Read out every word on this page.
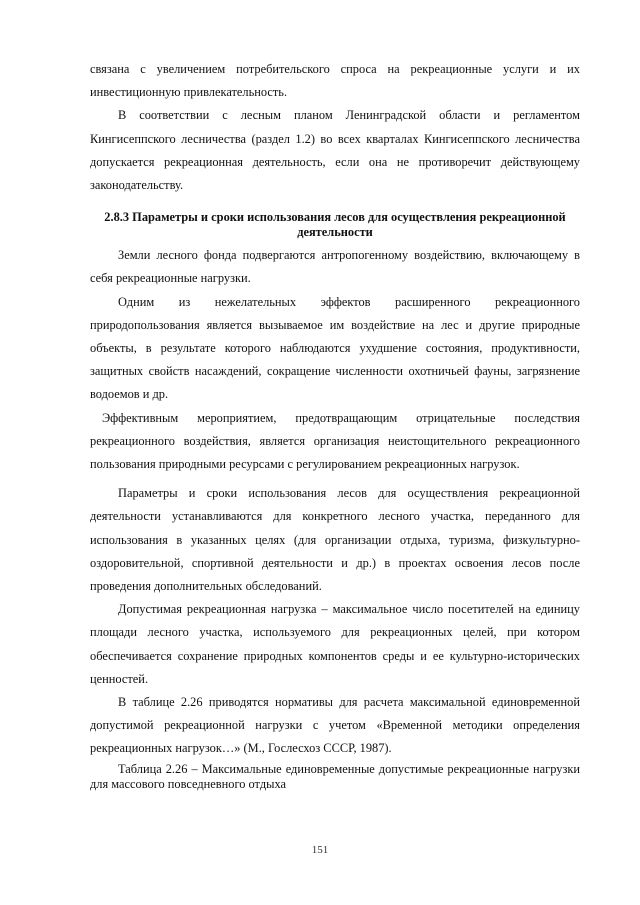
связана с увеличением потребительского спроса на рекреационные услуги и их инвестиционную привлекательность.

В соответствии с лесным планом Ленинградской области и регламентом Кингисеппского лесничества (раздел 1.2) во всех кварталах Кингисеппского лесничества допускается рекреационная деятельность, если она не противоречит действующему законодательству.

2.8.3 Параметры и сроки использования лесов для осуществления рекреационной деятельности

Земли лесного фонда подвергаются антропогенному воздействию, включающему в себя рекреационные нагрузки.

Одним из нежелательных эффектов расширенного рекреационного природопользования является вызываемое им воздействие на лес и другие природные объекты, в результате которого наблюдаются ухудшение состояния, продуктивности, защитных свойств насаждений, сокращение численности охотничьей фауны, загрязнение водоемов и др.

Эффективным мероприятием, предотвращающим отрицательные последствия рекреационного воздействия, является организация неистощительного рекреационного пользования природными ресурсами с регулированием рекреационных нагрузок.

Параметры и сроки использования лесов для осуществления рекреационной деятельности устанавливаются для конкретного лесного участка, переданного для использования в указанных целях (для организации отдыха, туризма, физкультурно-оздоровительной, спортивной деятельности и др.) в проектах освоения лесов после проведения дополнительных обследований.

Допустимая рекреационная нагрузка – максимальное число посетителей на единицу площади лесного участка, используемого для рекреационных целей, при котором обеспечивается сохранение природных компонентов среды и ее культурно-исторических ценностей.

В таблице 2.26 приводятся нормативы для расчета максимальной единовременной допустимой рекреационной нагрузки с учетом «Временной методики определения рекреационных нагрузок…» (М., Гослесхоз СССР, 1987).

Таблица 2.26 – Максимальные единовременные допустимые рекреационные нагрузки для массового повседневного отдыха

151
